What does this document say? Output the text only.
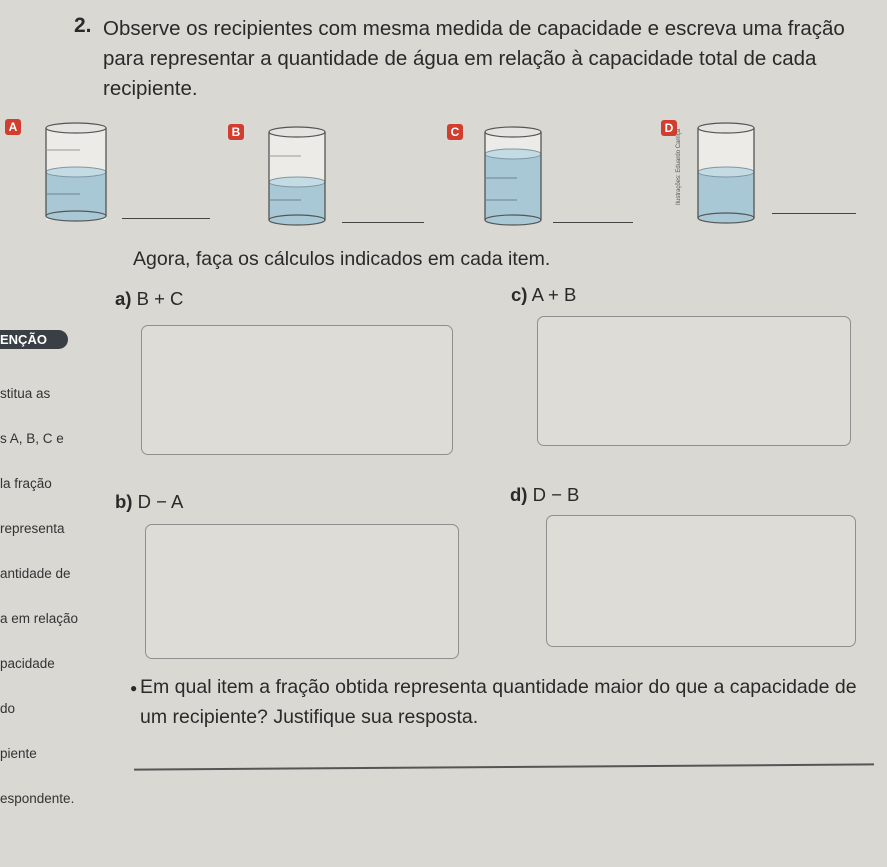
2. Observe os recipientes com mesma medida de capacidade e escreva uma fração para representar a quantidade de água em relação à capacidade total de cada recipiente.
A	B	C	D
Ilustrações: Eduardo Carriça
Agora, faça os cálculos indicados em cada item.
a) B + C	c) A + B
b) D − A	d) D − B
ENÇÃO

stitua as

s A, B, C e

la fração

representa

antidade de

a em relação

pacidade

do

piente

espondente.

● Em qual item a fração obtida representa quantidade maior do que a capacidade de um recipiente? Justifique sua resposta.
